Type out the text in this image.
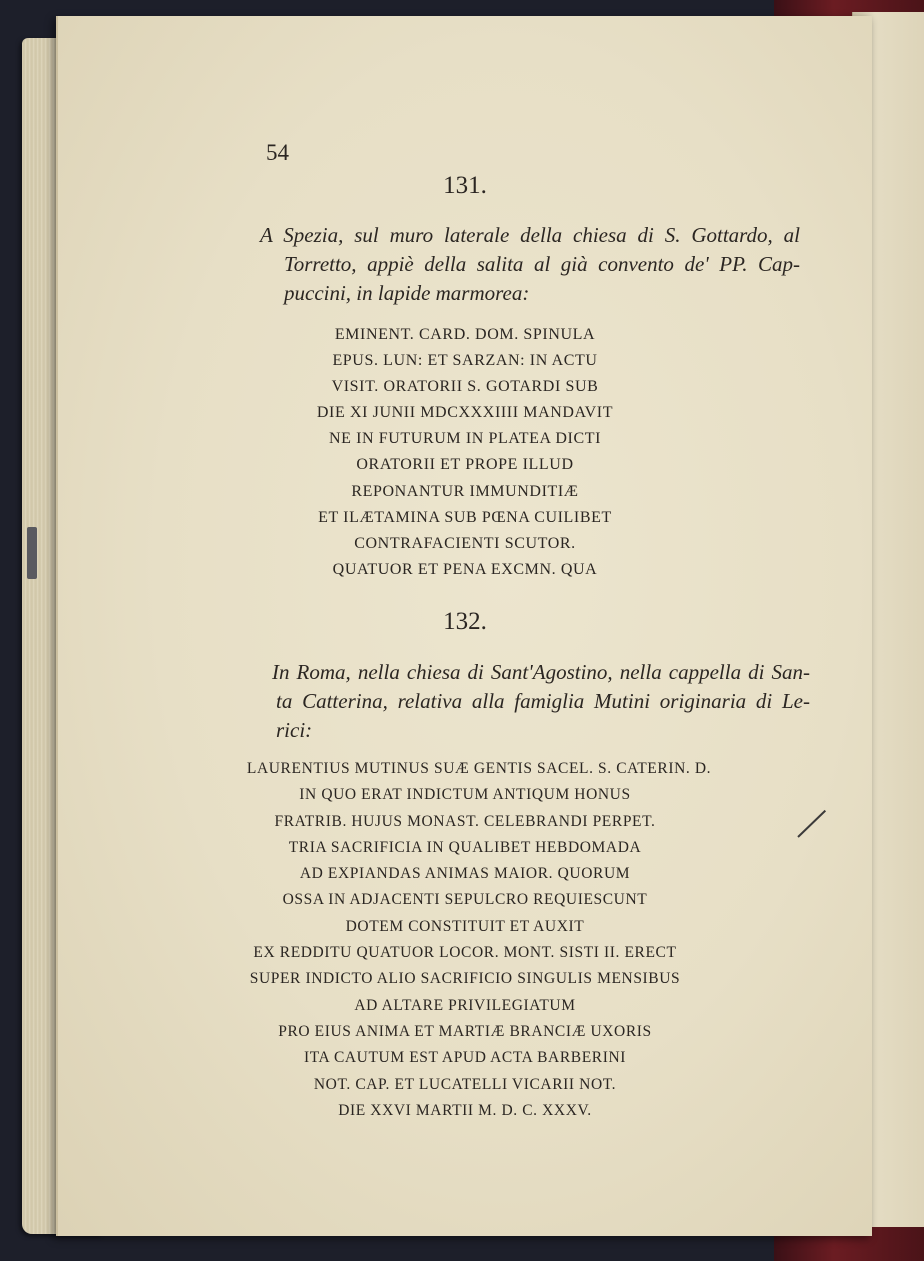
54
131.
A Spezia, sul muro laterale della chiesa di S. Gottardo, al
Torretto, appiè della salita al già convento de' PP. Cap-
puccini, in lapide marmorea:
EMINENT. CARD. DOM. SPINULA
EPUS. LUN: ET SARZAN: IN ACTU
VISIT. ORATORII S. GOTARDI SUB
DIE XI JUNII MDCXXXIIII MANDAVIT
NE IN FUTURUM IN PLATEA DICTI
ORATORII ET PROPE ILLUD
REPONANTUR IMMUNDITIÆ
ET ILÆTAMINA SUB PŒNA CUILIBET
CONTRAFACIENTI SCUTOR.
QUATUOR ET PENA EXCMN. QUA
132.
In Roma, nella chiesa di Sant'Agostino, nella cappella di San-
ta Catterina, relativa alla famiglia Mutini originaria di Le-
rici:
LAURENTIUS MUTINUS SUÆ GENTIS SACEL. S. CATERIN. D.
IN QUO ERAT INDICTUM ANTIQUM HONUS
FRATRIB. HUJUS MONAST. CELEBRANDI PERPET.
TRIA SACRIFICIA IN QUALIBET HEBDOMADA
AD EXPIANDAS ANIMAS MAIOR. QUORUM
OSSA IN ADJACENTI SEPULCRO REQUIESCUNT
DOTEM CONSTITUIT ET AUXIT
EX REDDITU QUATUOR LOCOR. MONT. SISTI II. ERECT
SUPER INDICTO ALIO SACRIFICIO SINGULIS MENSIBUS
AD ALTARE PRIVILEGIATUM
PRO EIUS ANIMA ET MARTIÆ BRANCIÆ UXORIS
ITA CAUTUM EST APUD ACTA BARBERINI
NOT. CAP. ET LUCATELLI VICARII NOT.
DIE XXVI MARTII M. D. C. XXXV.
